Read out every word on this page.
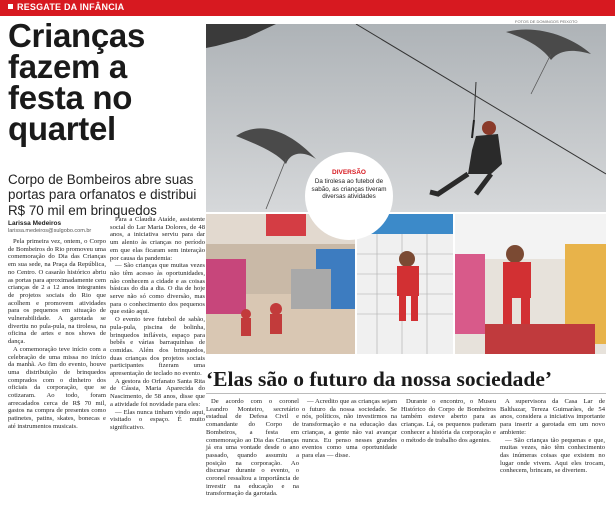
RESGATE DA INFÂNCIA
Crianças fazem a festa no quartel
Corpo de Bombeiros abre suas portas para orfanatos e distribui R$ 70 mil em brinquedos
Larissa Medeiros
larissa.medeiros@sulgobo.com.br

Pela primeira vez, ontem, o Corpo de Bombeiros do Rio promoveu uma comemoração do Dia das Crianças em sua sede, na Praça da República, no Centro. O casarão histórico abriu as portas para aproximadamente cem crianças de 2 a 12 anos integrantes de projetos sociais do Rio que acolhem e promovem atividades para os pequenos em situação de vulnerabilidade. A garotada se divertiu no pula-pula, na tirolesa, na oficina de artes e nos shows de dança.

A comemoração teve início com a celebração de uma missa no início da manhã. Ao fim do evento, houve uma distribuição de brinquedos comprados com o dinheiro dos oficiais da corporação, que se cotizaram. Ao todo, foram arrecadados cerca de R$ 70 mil, gastos na compra de presentes como patinetes, patins, skates, bonecas e até instrumentos musicais.

Para a Claudia Ataíde, assistente social do Lar Maria Dolores, de 48 anos, a iniciativa serviu para dar um alento às crianças no período em que elas ficaram sem interação por causa da pandemia:

— São crianças que muitas vezes não têm acesso às oportunidades, não conhecem a cidade e as coisas básicas do dia a dia. O dia de hoje serve não só como diversão, mas para o conhecimento dos pequenos que estão aqui.

O evento teve futebol de sabão, pula-pula, piscina de bolinha, brinquedos infláveis, espaço para bebês e várias barraquinhas de comidas. Além dos brinquedos, duas crianças dos projetos sociais participantes fizeram uma apresentação de teclado no evento.

A gestora do Orfanato Santa Rita de Cássia, Maria Aparecida do Nascimento, de 58 anos, disse que a atividade foi novidade para eles:

— Elas nunca tinham vindo aqui, visitado o espaço. É muito significativo.

FOTOS DE DOMINGOS PEIXOTO
DIVERSÃO
Da tirolesa ao futebol de sabão, as crianças tiveram diversas atividades
‘Elas são o futuro da nossa sociedade’

De acordo com o coronel Leandro Monteiro, secretário estadual de Defesa Civil e comandante do Corpo de Bombeiros, a festa em comemoração ao Dia das Crianças já era uma vontade desde o ano passado, quando assumiu a posição na corporação. Ao discursar durante o evento, o coronel ressaltou a importância de investir na educação e na transformação da garotada.

— Acredito que as crianças sejam o futuro da nossa sociedade. Se nós, políticos, não investirmos na transformação e na educação das crianças, a gente não vai avançar nunca. Eu penso nesses grandes eventos como uma oportunidade para elas — disse.

Durante o encontro, o Museu Histórico do Corpo de Bombeiros também esteve aberto para as crianças. Lá, os pequenos puderam conhecer a história da corporação e o método de trabalho dos agentes.

A supervisora da Casa Lar de Balthazar, Tereza Guimarães, de 54 anos, considera a iniciativa importante para inserir a garotada em um novo ambiente:

— São crianças tão pequenas e que, muitas vezes, não têm conhecimento das inúmeras coisas que existem no lugar onde vivem. Aqui eles trocam, conhecem, brincam, se divertem.
